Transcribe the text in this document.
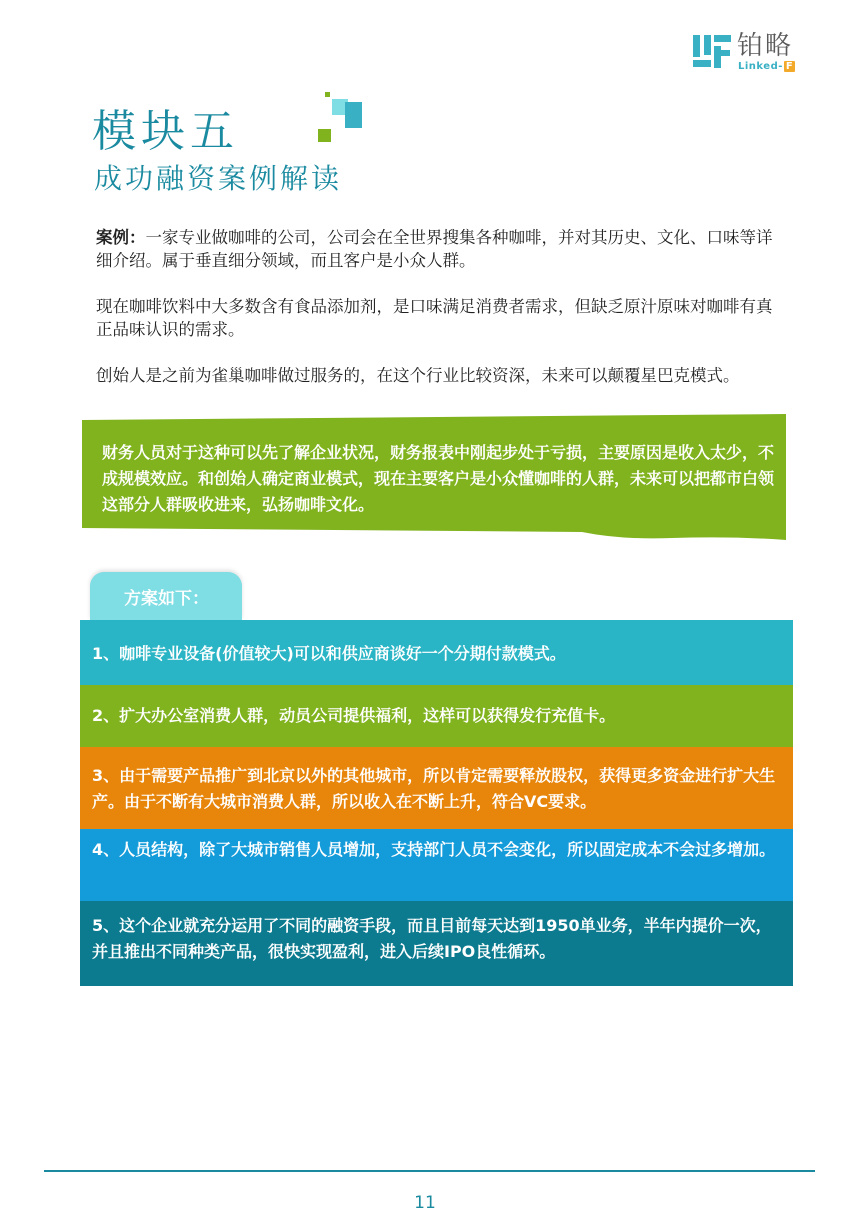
铂略
Linked- F
模块五
成功融资案例解读

案例：一家专业做咖啡的公司，公司会在全世界搜集各种咖啡，并对其历史、文化、口味等详细介绍。属于垂直细分领域，而且客户是小众人群。

现在咖啡饮料中大多数含有食品添加剂，是口味满足消费者需求，但缺乏原汁原味对咖啡有真正品味认识的需求。

创始人是之前为雀巢咖啡做过服务的，在这个行业比较资深，未来可以颠覆星巴克模式。

财务人员对于这种可以先了解企业状况，财务报表中刚起步处于亏损，主要原因是收入太少，不成规模效应。和创始人确定商业模式，现在主要客户是小众懂咖啡的人群，未来可以把都市白领这部分人群吸收进来，弘扬咖啡文化。
方案如下：
1、咖啡专业设备(价值较大)可以和供应商谈好一个分期付款模式。
2、扩大办公室消费人群，动员公司提供福利，这样可以获得发行充值卡。
3、由于需要产品推广到北京以外的其他城市，所以肯定需要释放股权，获得更多资金进行扩大生产。由于不断有大城市消费人群，所以收入在不断上升，符合VC要求。
4、人员结构，除了大城市销售人员增加，支持部门人员不会变化，所以固定成本不会过多增加。
5、这个企业就充分运用了不同的融资手段，而且目前每天达到1950单业务，半年内提价一次，并且推出不同种类产品，很快实现盈利，进入后续IPO良性循环。
11
